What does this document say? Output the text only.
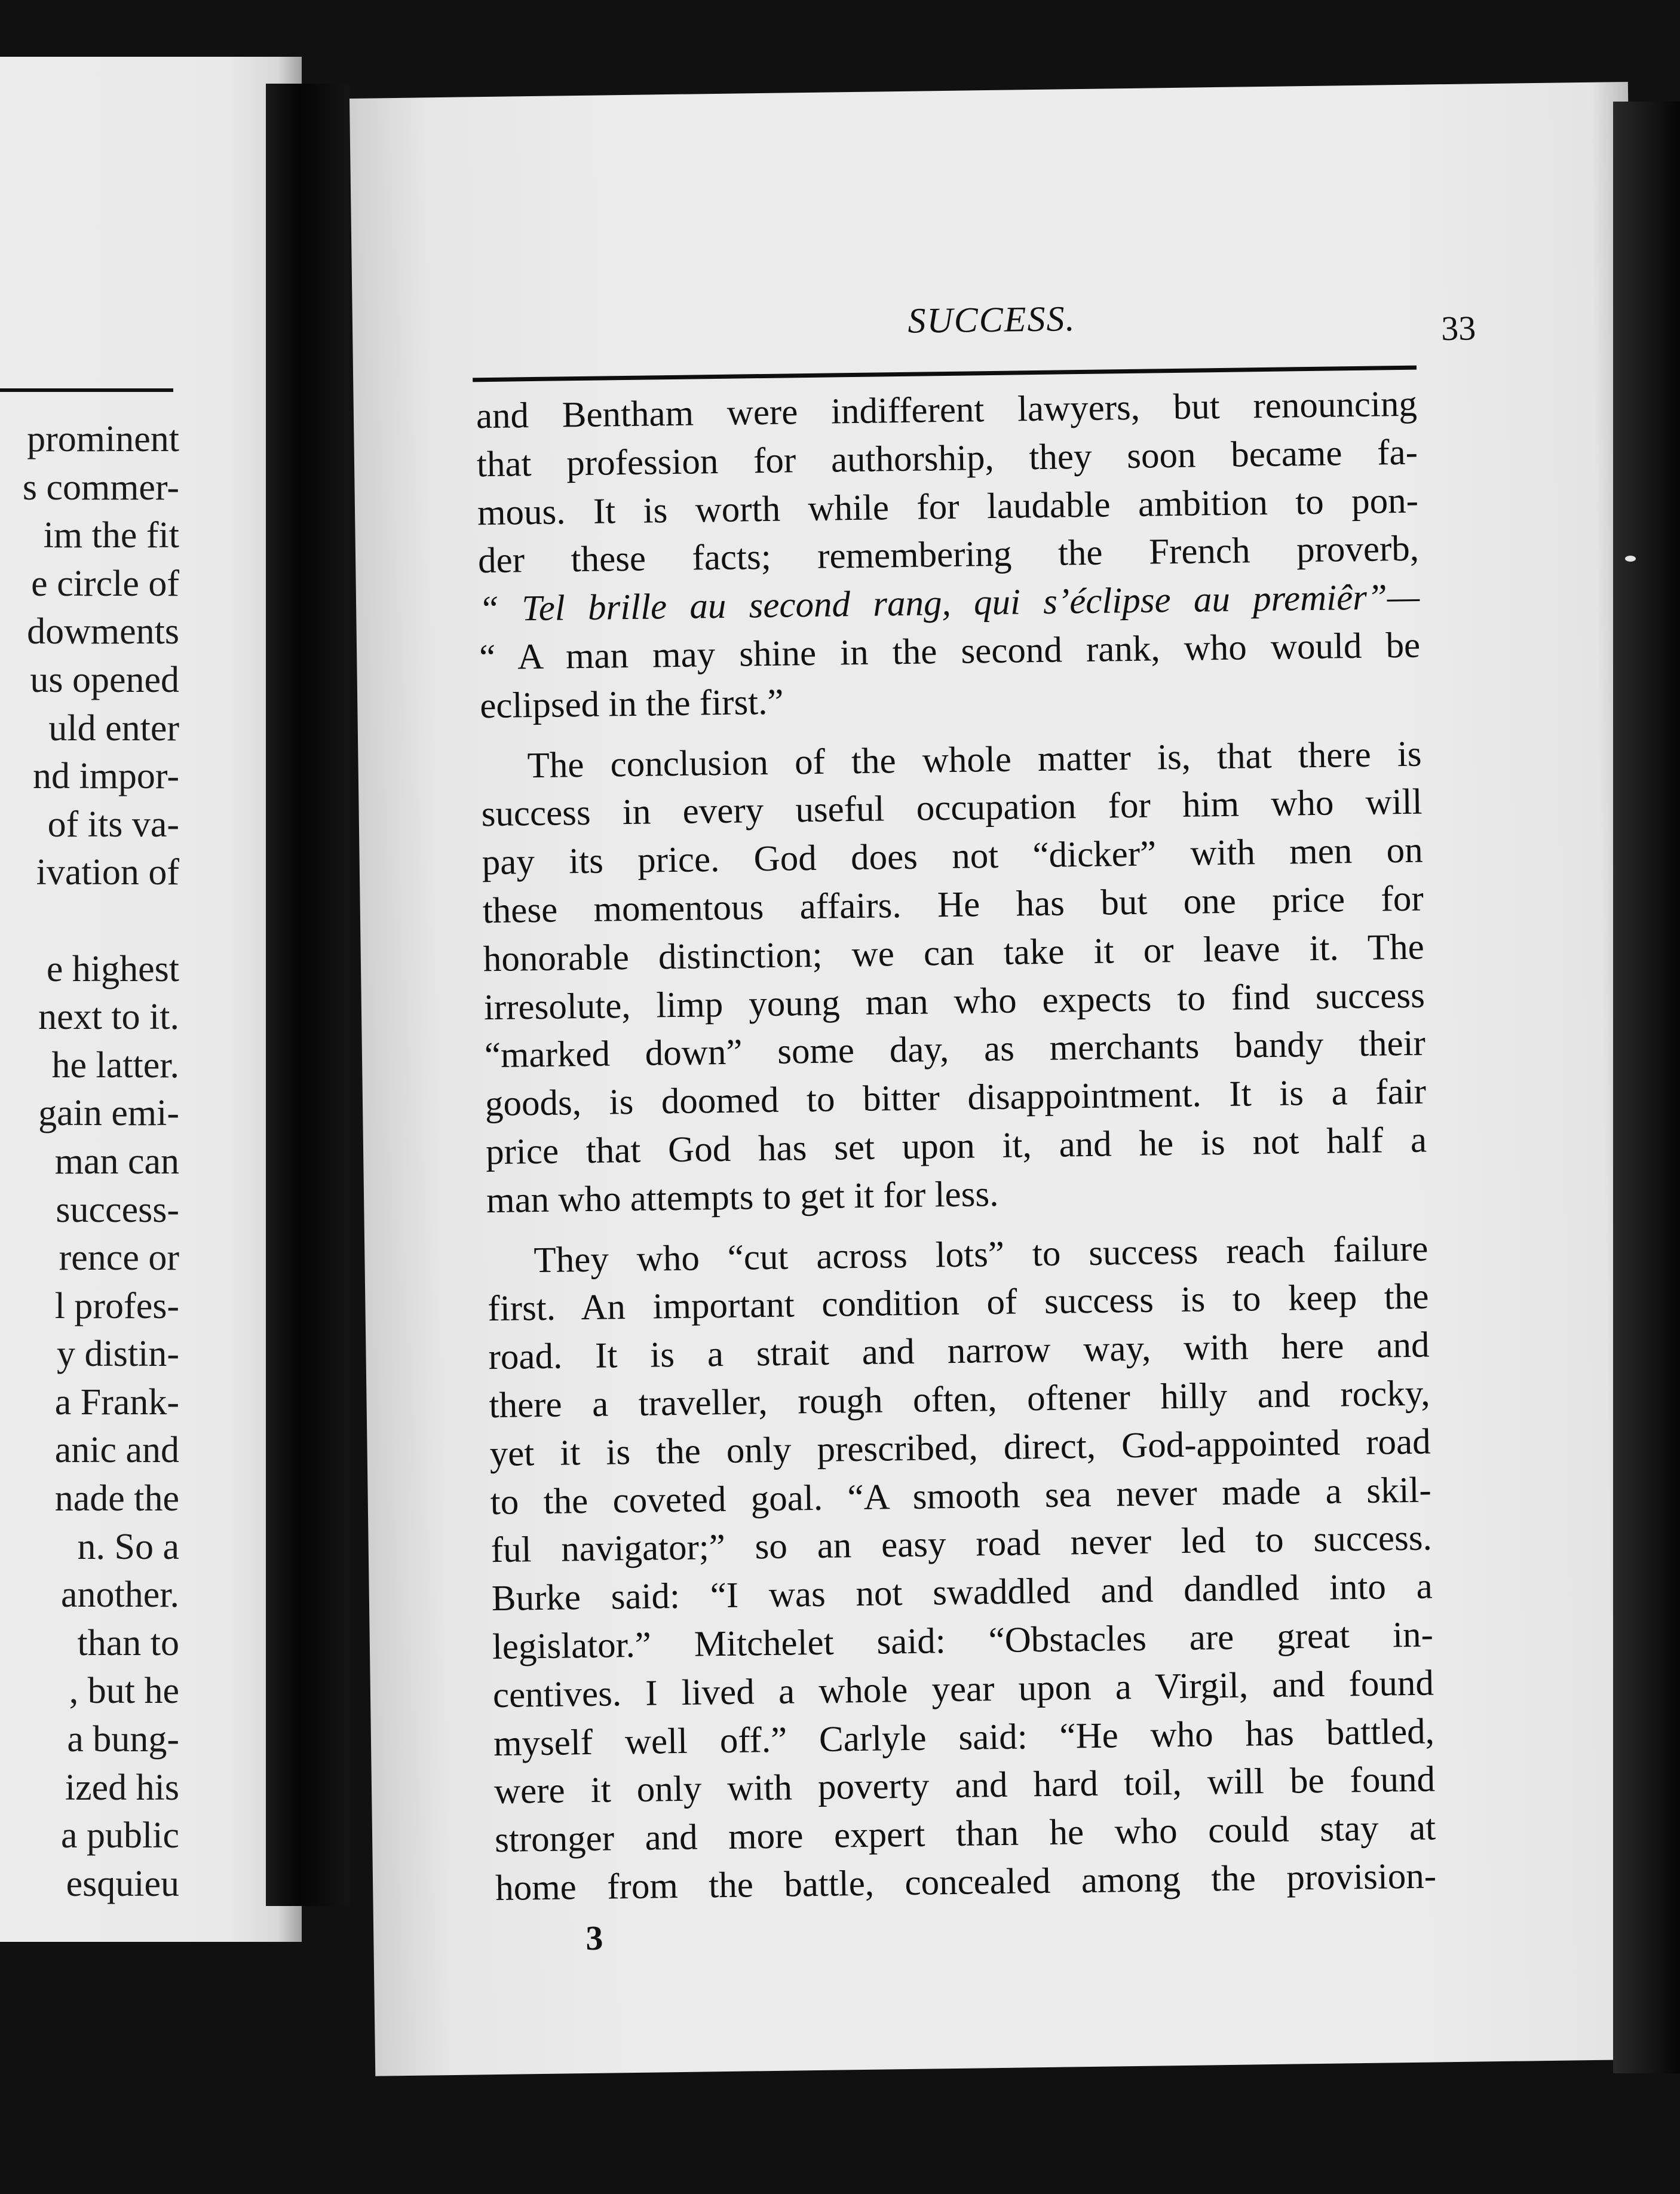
prominent
s commer-
im the fit
e circle of
dowments
us opened
uld enter
nd impor-
of its va-
ivation of
e highest
next to it.
he latter.
gain emi-
man can
success-
rence or
l profes-
y distin-
a Frank-
anic and
nade the
n. So a
another.
than to
, but he
a bung-
ized his
a public
esquieu
SUCCESS.	33
and Bentham were indifferent lawyers, but renouncing
that profession for authorship, they soon became fa-
mous. It is worth while for laudable ambition to pon-
der these facts; remembering the French proverb,
“ Tel brille au second rang, qui s’éclipse au premiêr”—
“ A man may shine in the second rank, who would be
eclipsed in the first.”
The conclusion of the whole matter is, that there is
success in every useful occupation for him who will
pay its price. God does not “dicker” with men on
these momentous affairs. He has but one price for
honorable distinction; we can take it or leave it. The
irresolute, limp young man who expects to find success
“marked down” some day, as merchants bandy their
goods, is doomed to bitter disappointment. It is a fair
price that God has set upon it, and he is not half a
man who attempts to get it for less.
They who “cut across lots” to success reach failure
first. An important condition of success is to keep the
road. It is a strait and narrow way, with here and
there a traveller, rough often, oftener hilly and rocky,
yet it is the only prescribed, direct, God-appointed road
to the coveted goal. “A smooth sea never made a skil-
ful navigator;” so an easy road never led to success.
Burke said: “I was not swaddled and dandled into a
legislator.” Mitchelet said: “Obstacles are great in-
centives. I lived a whole year upon a Virgil, and found
myself well off.” Carlyle said: “He who has battled,
were it only with poverty and hard toil, will be found
stronger and more expert than he who could stay at
home from the battle, concealed among the provision-
3
